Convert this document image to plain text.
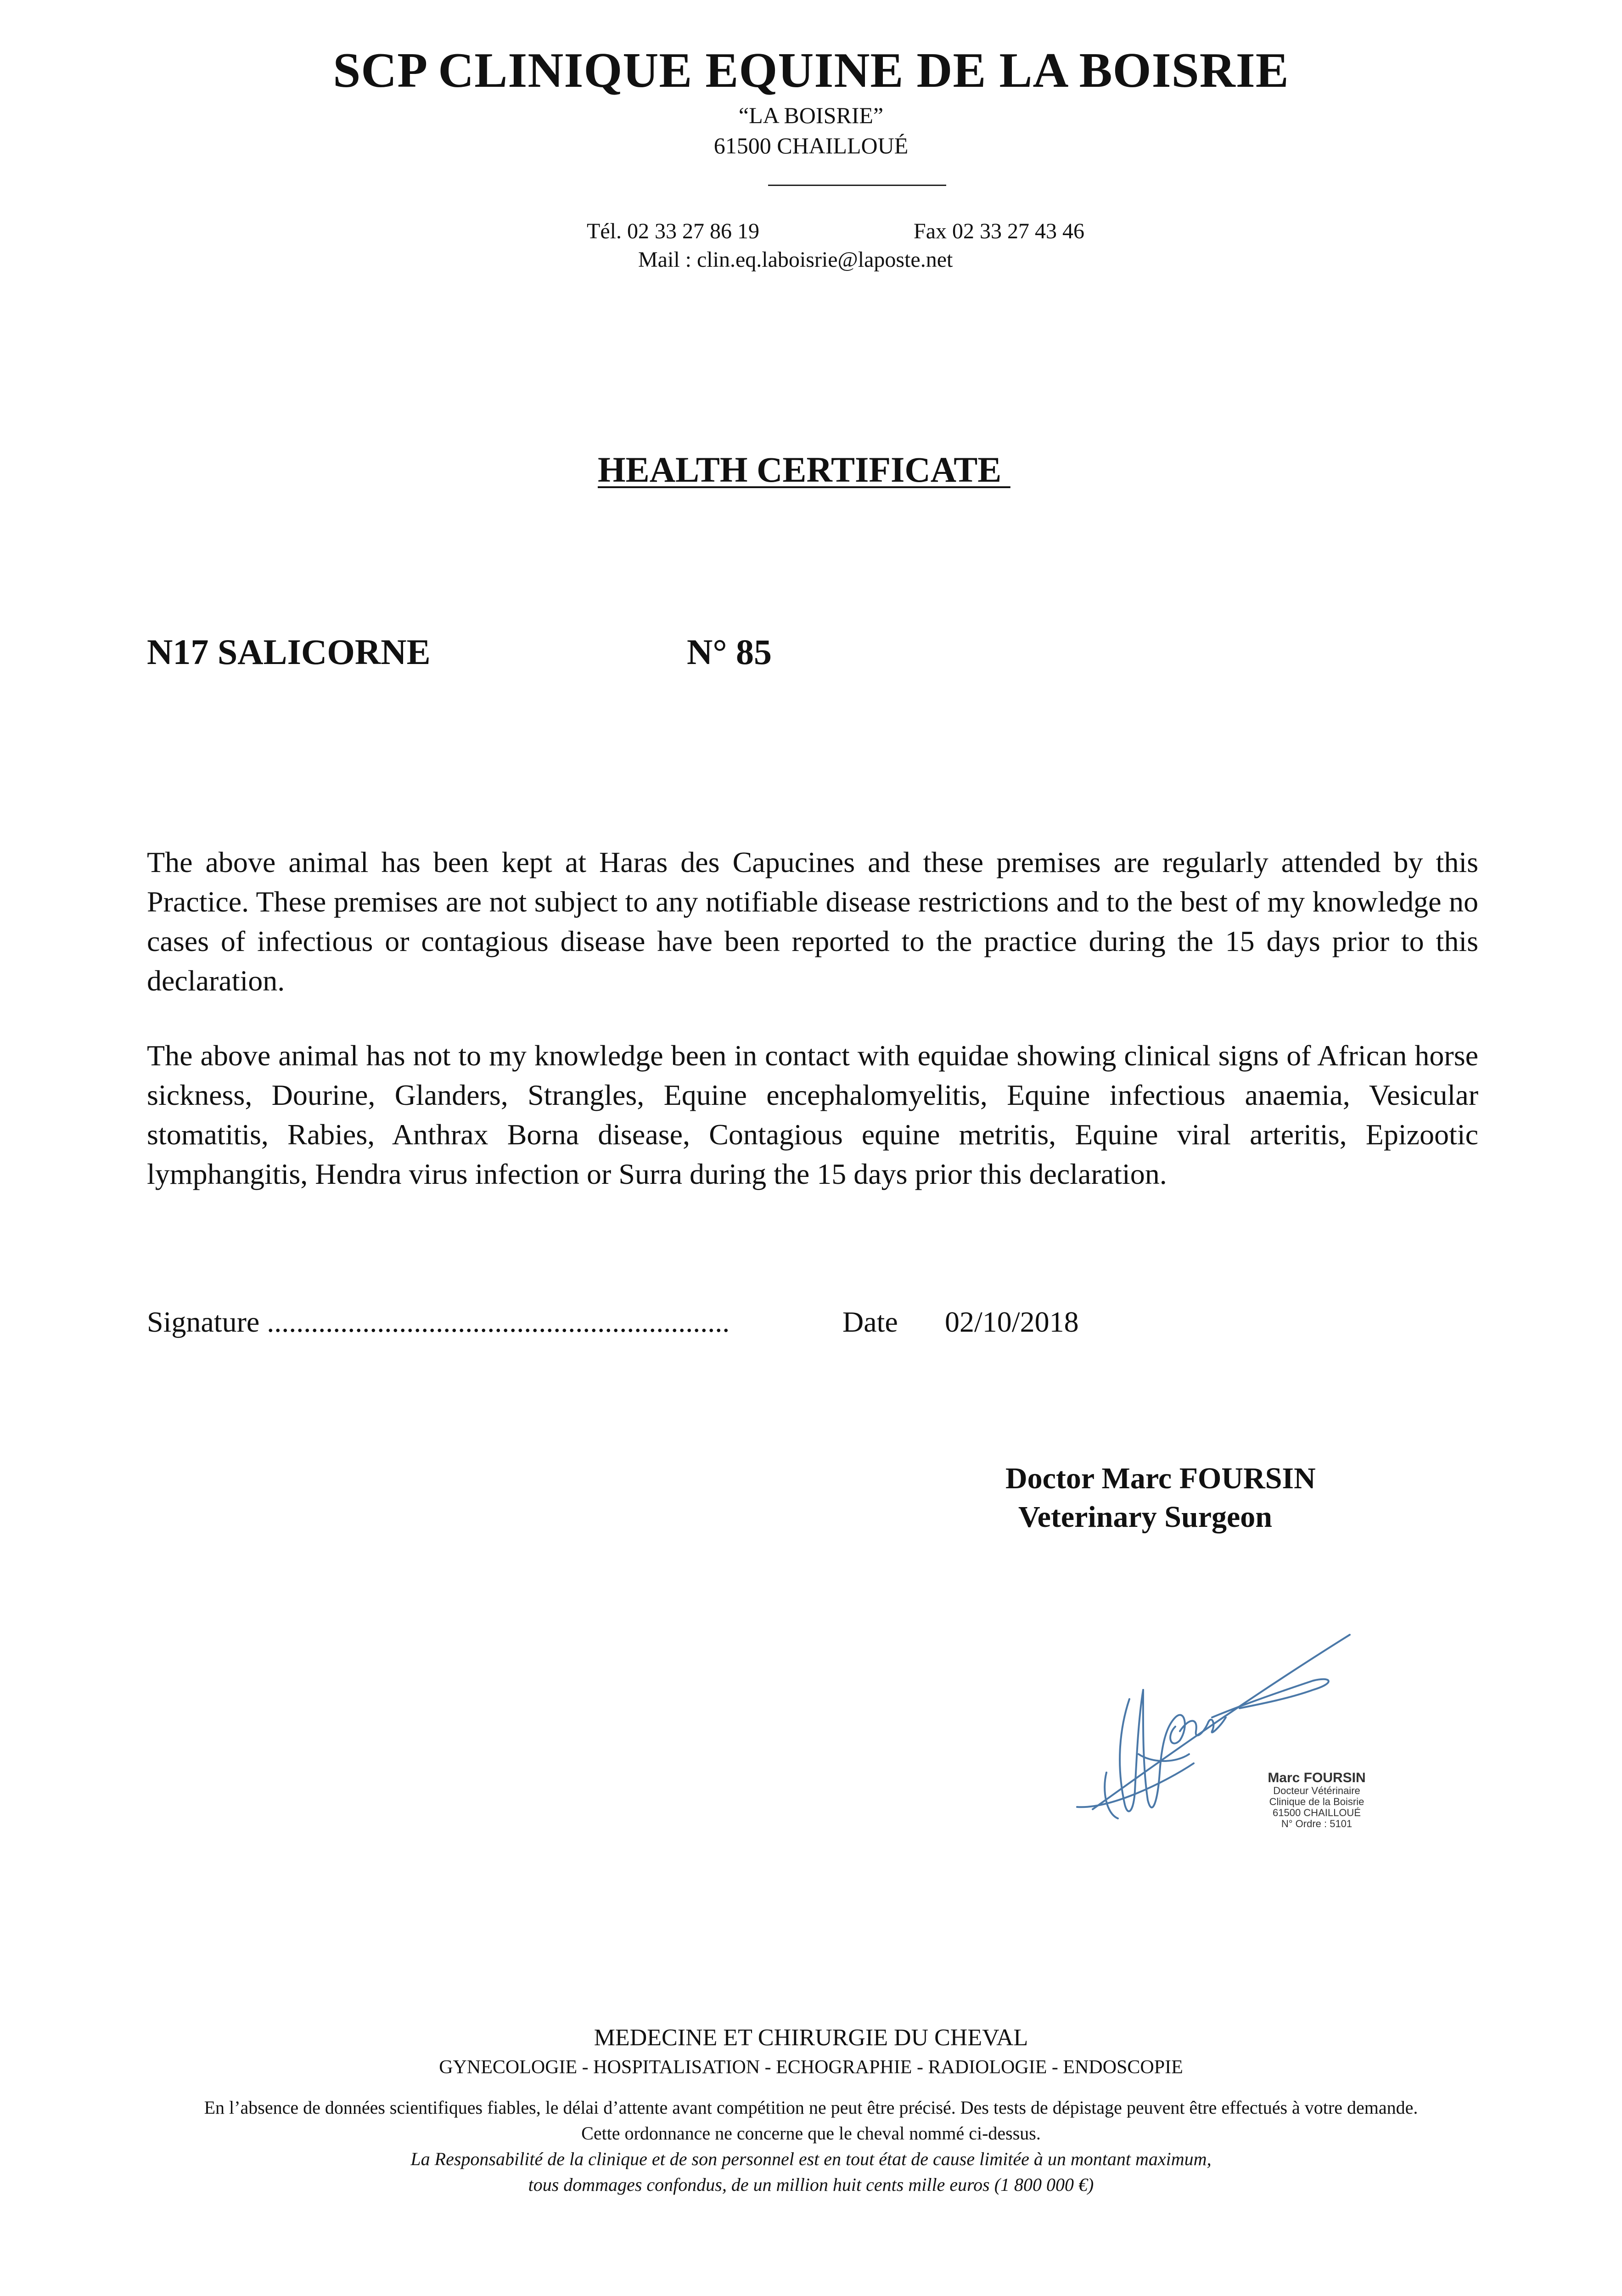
SCP CLINIQUE EQUINE DE LA BOISRIE
“LA BOISRIE”
61500 CHAILLOUÉ
Tél. 02 33 27 86 19	Fax 02 33 27 43 46
Mail : clin.eq.laboisrie@laposte.net
HEALTH CERTIFICATE
N17 SALICORNE	N° 85

The above animal has been kept at Haras des Capucines and these premises are regularly attended by this Practice. These premises are not subject to any notifiable disease restrictions and to the best of my knowledge no cases of infectious or contagious disease have been reported to the practice during the 15 days prior to this declaration.

The above animal has not to my knowledge been in contact with equidae showing clinical signs of African horse sickness, Dourine, Glanders, Strangles, Equine encephalomyelitis, Equine infectious anaemia, Vesicular stomatitis, Rabies, Anthrax Borna disease, Contagious equine metritis, Equine viral arteritis, Epizootic lymphangitis, Hendra virus infection or Surra during the 15 days prior this declaration.

Signature ...............................................................	Date 02/10/2018
Doctor Marc FOURSIN
Veterinary Surgeon
Marc FOURSIN
Docteur Vétérinaire
Clinique de la Boisrie
61500 CHAILLOUÉ
N° Ordre : 5101
MEDECINE ET CHIRURGIE DU CHEVAL
GYNECOLOGIE - HOSPITALISATION - ECHOGRAPHIE - RADIOLOGIE - ENDOSCOPIE
En l’absence de données scientifiques fiables, le délai d’attente avant compétition ne peut être précisé. Des tests de dépistage peuvent être effectués à votre demande.
Cette ordonnance ne concerne que le cheval nommé ci-dessus.
La Responsabilité de la clinique et de son personnel est en tout état de cause limitée à un montant maximum,
tous dommages confondus, de un million huit cents mille euros (1 800 000 €)
